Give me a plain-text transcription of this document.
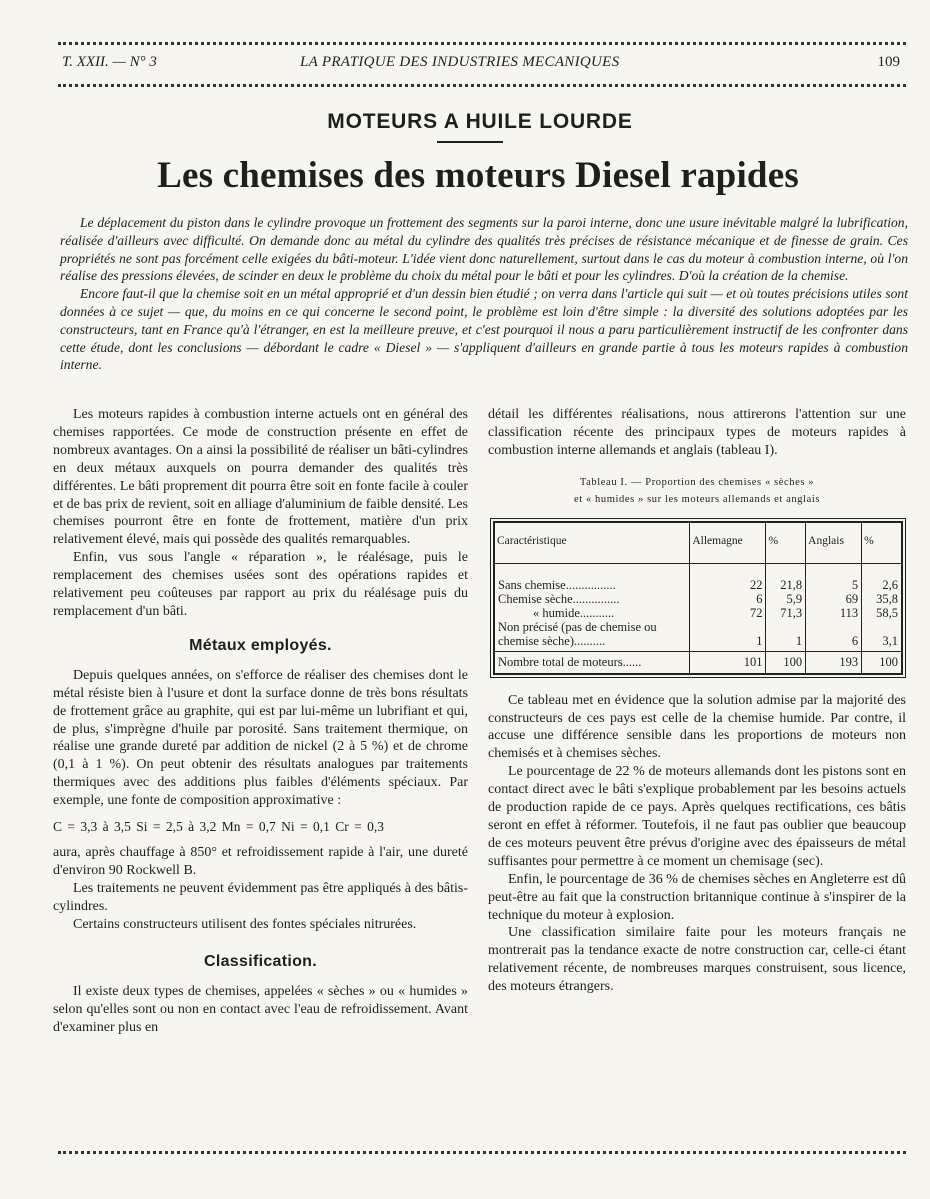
T. XXII. — N° 3	LA PRATIQUE DES INDUSTRIES MECANIQUES	109
MOTEURS A HUILE LOURDE
Les chemises des moteurs Diesel rapides

Le déplacement du piston dans le cylindre provoque un frottement des segments sur la paroi interne, donc une usure inévitable malgré la lubrification, réalisée d'ailleurs avec difficulté. On demande donc au métal du cylindre des qualités très précises de résistance mécanique et de finesse de grain. Ces propriétés ne sont pas forcément celle exigées du bâti-moteur. L'idée vient donc naturellement, surtout dans le cas du moteur à combustion interne, où l'on réalise des pressions élevées, de scinder en deux le problème du choix du métal pour le bâti et pour les cylindres. D'où la création de la chemise.

Encore faut-il que la chemise soit en un métal approprié et d'un dessin bien étudié ; on verra dans l'article qui suit — et où toutes précisions utiles sont données à ce sujet — que, du moins en ce qui concerne le second point, le problème est loin d'être simple : la diversité des solutions adoptées par les constructeurs, tant en France qu'à l'étranger, en est la meilleure preuve, et c'est pourquoi il nous a paru particulièrement instructif de les confronter dans cette étude, dont les conclusions — débordant le cadre « Diesel » — s'appliquent d'ailleurs en grande partie à tous les moteurs rapides à combustion interne.

Les moteurs rapides à combustion interne actuels ont en général des chemises rapportées. Ce mode de construction présente en effet de nombreux avantages. On a ainsi la possibilité de réaliser un bâti-cylindres en deux métaux auxquels on pourra demander des qualités très différentes. Le bâti proprement dit pourra être soit en fonte facile à couler et de bas prix de revient, soit en alliage d'aluminium de faible densité. Les chemises pourront être en fonte de frottement, matière d'un prix relativement élevé, mais qui possède des qualités remarquables.

Enfin, vus sous l'angle « réparation », le réalésage, puis le remplacement des chemises usées sont des opérations rapides et relativement peu coûteuses par rapport au prix du réalésage puis du remplacement d'un bâti.

Métaux employés.

Depuis quelques années, on s'efforce de réaliser des chemises dont le métal résiste bien à l'usure et dont la surface donne de très bons résultats de frottement grâce au graphite, qui est par lui-même un lubrifiant et qui, de plus, s'imprègne d'huile par porosité. Sans traitement thermique, on réalise une grande dureté par addition de nickel (2 à 5 %) et de chrome (0,1 à 1 %). On peut obtenir des résultats analogues par traitements thermiques avec des additions plus faibles d'éléments spéciaux. Par exemple, une fonte de composition approximative :

C = 3,3 à 3,5 Si = 2,5 à 3,2 Mn = 0,7 Ni = 0,1 Cr = 0,3

aura, après chauffage à 850° et refroidissement rapide à l'air, une dureté d'environ 90 Rockwell B.

Les traitements ne peuvent évidemment pas être appliqués à des bâtis-cylindres.

Certains constructeurs utilisent des fontes spéciales nitrurées.

Classification.

Il existe deux types de chemises, appelées « sèches » ou « humides » selon qu'elles sont ou non en contact avec l'eau de refroidissement. Avant d'examiner plus en

détail les différentes réalisations, nous attirerons l'attention sur une classification récente des principaux types de moteurs rapides à combustion interne allemands et anglais (tableau I).

Tableau I. — Proportion des chemises « sèches »
et « humides » sur les moteurs allemands et anglais
Caractéristique	Allemagne	%	Anglais	%
Sans chemise................	22	21,8	5	2,6
Chemise sèche...............	6	5,9	69	35,8
« humide...........	72	71,3	113	58,5
Non précisé (pas de chemise ou chemise sèche)..........	1	1	6	3,1
Nombre total de moteurs......	101	100	193	100

Ce tableau met en évidence que la solution admise par la majorité des constructeurs de ces pays est celle de la chemise humide. Par contre, il accuse une différence sensible dans les proportions de moteurs non chemisés et à chemises sèches.

Le pourcentage de 22 % de moteurs allemands dont les pistons sont en contact direct avec le bâti s'explique probablement par les besoins actuels de production rapide de ce pays. Après quelques rectifications, ces bâtis seront en effet à réformer. Toutefois, il ne faut pas oublier que beaucoup de ces moteurs peuvent être prévus d'origine avec des épaisseurs de métal suffisantes pour permettre à ce moment un chemisage (sec).

Enfin, le pourcentage de 36 % de chemises sèches en Angleterre est dû peut-être au fait que la construction britannique continue à s'inspirer de la technique du moteur à explosion.

Une classification similaire faite pour les moteurs français ne montrerait pas la tendance exacte de notre construction car, celle-ci étant relativement récente, de nombreuses marques construisent, sous licence, des moteurs étrangers.
